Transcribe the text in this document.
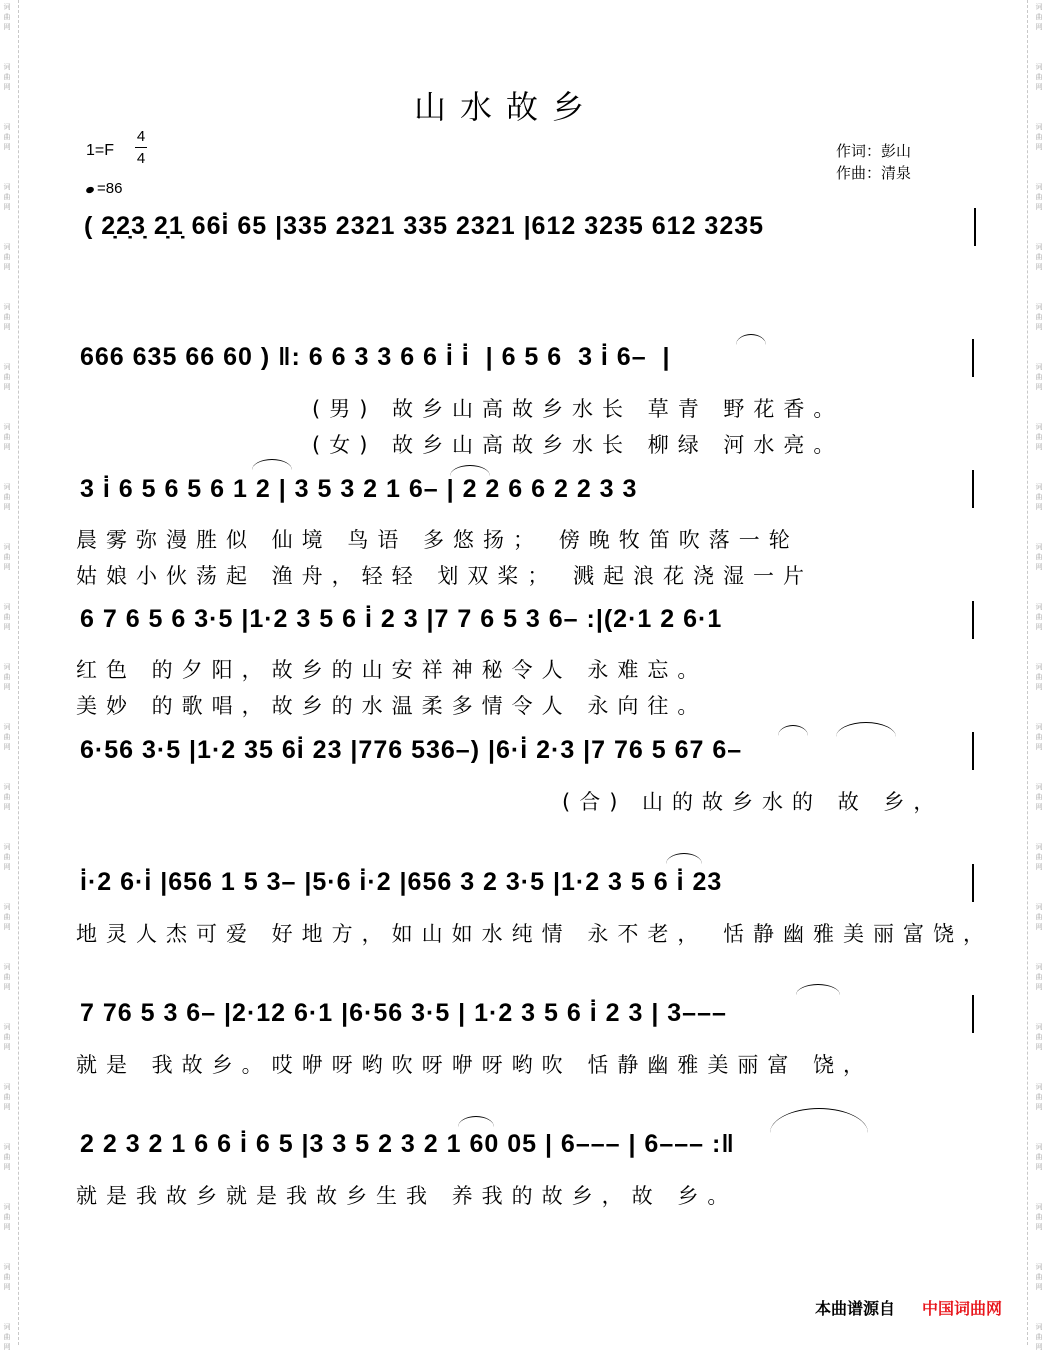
词
曲
网
词
曲
网
词
曲
网
词
曲
网
词
曲
网
词
曲
网
词
曲
网
词
曲
网
词
曲
网
词
曲
网
词
曲
网
词
曲
网
词
曲
网
词
曲
网
词
曲
网
词
曲
网
词
曲
网
词
曲
网
词
曲
网
词
曲
网
词
曲
网
词
曲
网
词
曲
网
词
曲
网
词
曲
网
词
曲
网
词
曲
网
词
曲
网
词
曲
网
词
曲
网
词
曲
网
词
曲
网
词
曲
网
词
曲
网
词
曲
网
词
曲
网
词
曲
网
词
曲
网
词
曲
网
词
曲
网
词
曲
网
词
曲
网
词
曲
网
词
曲
网
词
曲
网
词
曲
网
山水故乡
1=F
4
4
=86
作词：彭山
作曲：清泉
( 2̣2̣3̣ 2̣1̣ 66i̇ 65 |335 2321 335 2321 |612 3235 612 3235
666 635 66 60 ) ‖: 6 6 3 3 6 6 i̇ i̇  | 6 5 6  3 i̇ 6–  |
(男) 故乡山高故乡水长 草青 野花香。
(女) 故乡山高故乡水长 柳绿 河水亮。
3 i̇ 6 5 6 5 6 1 2 | 3 5 3 2 1 6– | 2 2 6 6 2 2 3 3
晨雾弥漫胜似 仙境 鸟语 多悠扬； 傍晚牧笛吹落一轮
姑娘小伙荡起 渔舟，轻轻 划双桨； 溅起浪花浇湿一片
6 7 6 5 6 3·5 |1·2 3 5 6 i̇ 2 3 |7 7 6 5 3 6– :|(2·1 2 6·1
红色 的夕阳，故乡的山安祥神秘令人 永难忘。
美妙 的歌唱，故乡的水温柔多情令人 永向往。
6·56 3·5 |1·2 35 6i̇ 23 |776 536–) |6·i̇ 2·3 |7 76 5 67 6–
(合) 山的故乡水的 故 乡，
i̇·2 6·i̇ |656 1 5 3– |5·6 i̇·2 |656 3 2 3·5 |1·2 3 5 6 i̇ 23
地灵人杰可爱 好地方，如山如水纯情 永不老， 恬静幽雅美丽富饶，
7 76 5 3 6– |2·12 6·1 |6·56 3·5 | 1·2 3 5 6 i̇ 2 3 | 3–––
就是 我故乡。哎咿呀哟吹呀咿呀哟吹 恬静幽雅美丽富 饶，
2 2 3 2 1 6 6 i̇ 6 5 |3 3 5 2 3 2 1 60 05 | 6––– | 6––– :‖
就是我故乡就是我故乡生我 养我的故乡，故 乡。
本曲谱源自 中国词曲网
